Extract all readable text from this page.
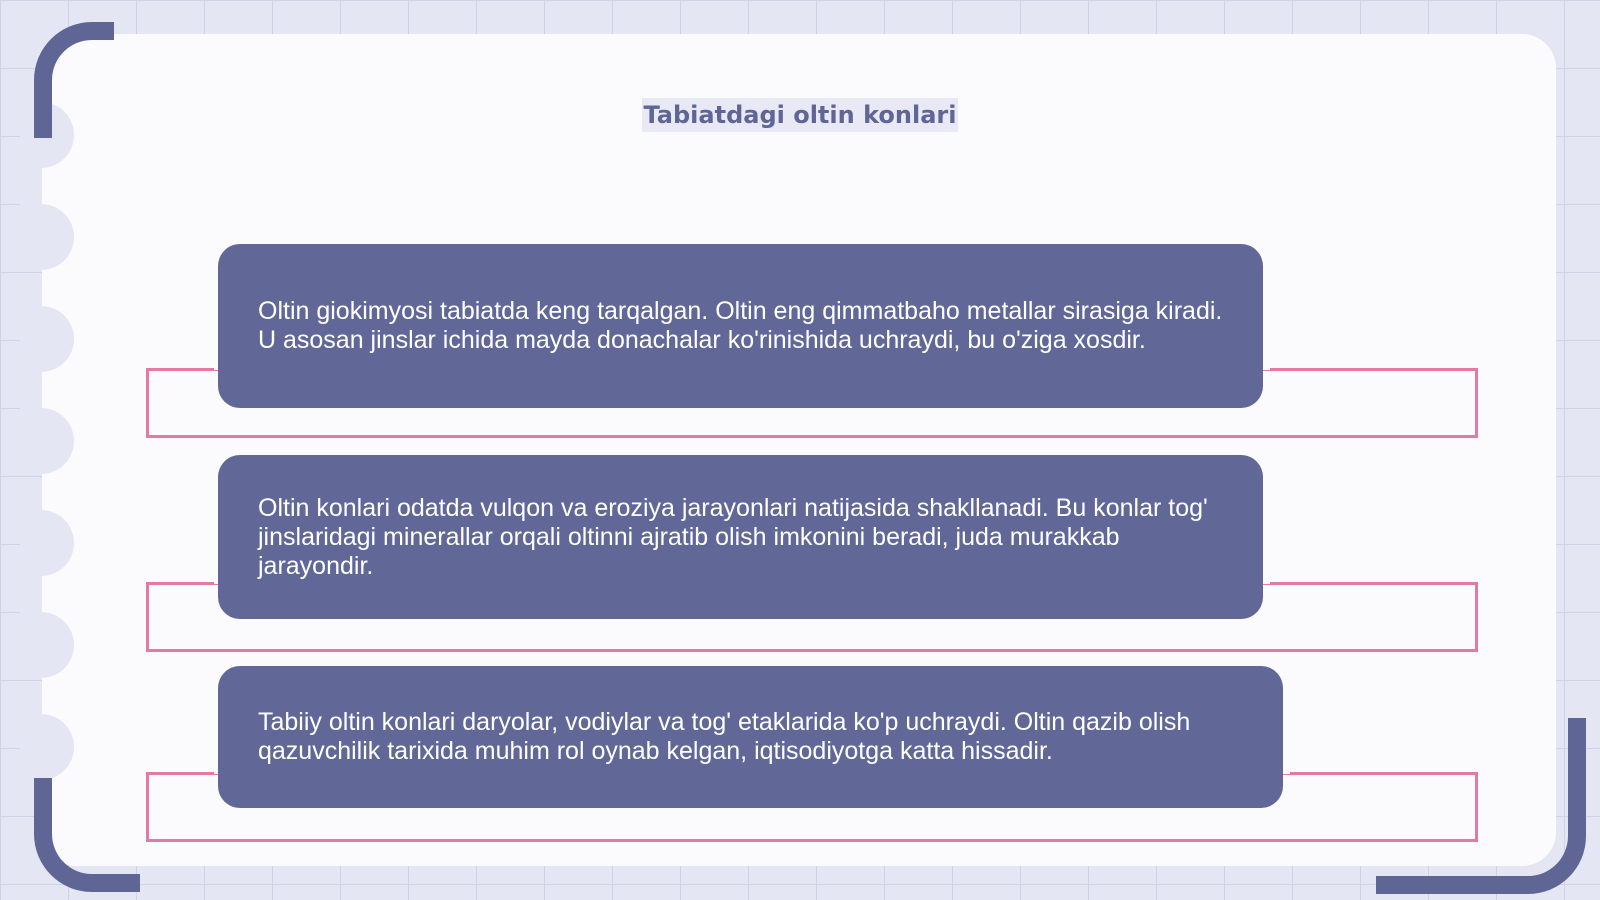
Tabiatdagi oltin konlari

Oltin giokimyosi tabiatda keng tarqalgan. Oltin eng qimmatbaho metallar sirasiga kiradi. U asosan jinslar ichida mayda donachalar ko'rinishida uchraydi, bu o'ziga xosdir.

Oltin konlari odatda vulqon va eroziya jarayonlari natijasida shakllanadi. Bu konlar tog' jinslaridagi minerallar orqali oltinni ajratib olish imkonini beradi, juda murakkab jarayondir.

Tabiiy oltin konlari daryolar, vodiylar va tog' etaklarida ko'p uchraydi. Oltin qazib olish qazuvchilik tarixida muhim rol oynab kelgan, iqtisodiyotga katta hissadir.
